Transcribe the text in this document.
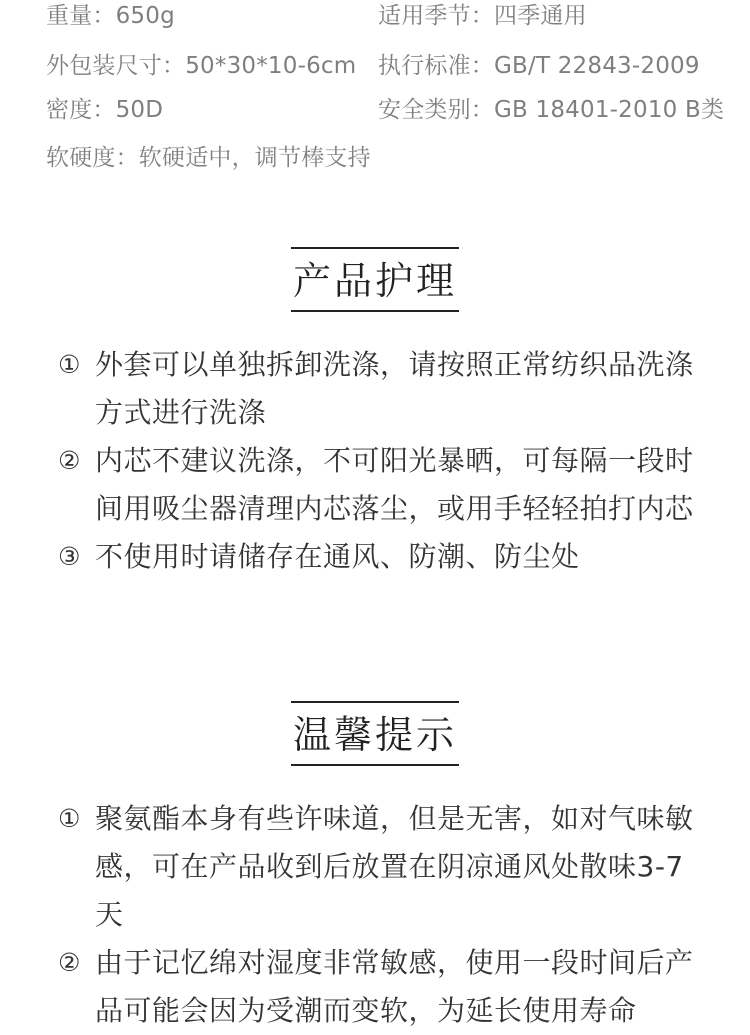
重量：650g	适用季节：四季通用
外包装尺寸：50*30*10-6cm 执行标准：GB/T 22843-2009
密度：50D	安全类别：GB 18401-2010 B类
软硬度：软硬适中，调节棒支持
产品护理
① 外套可以单独拆卸洗涤，请按照正常纺织品洗涤方式进行洗涤
② 内芯不建议洗涤，不可阳光暴晒，可每隔一段时间用吸尘器清理内芯落尘，或用手轻轻拍打内芯
③ 不使用时请储存在通风、防潮、防尘处
温馨提示
① 聚氨酯本身有些许味道，但是无害，如对气味敏感，可在产品收到后放置在阴凉通风处散味3-7天
② 由于记忆绵对湿度非常敏感，使用一段时间后产品可能会因为受潮而变软，为延长使用寿命
